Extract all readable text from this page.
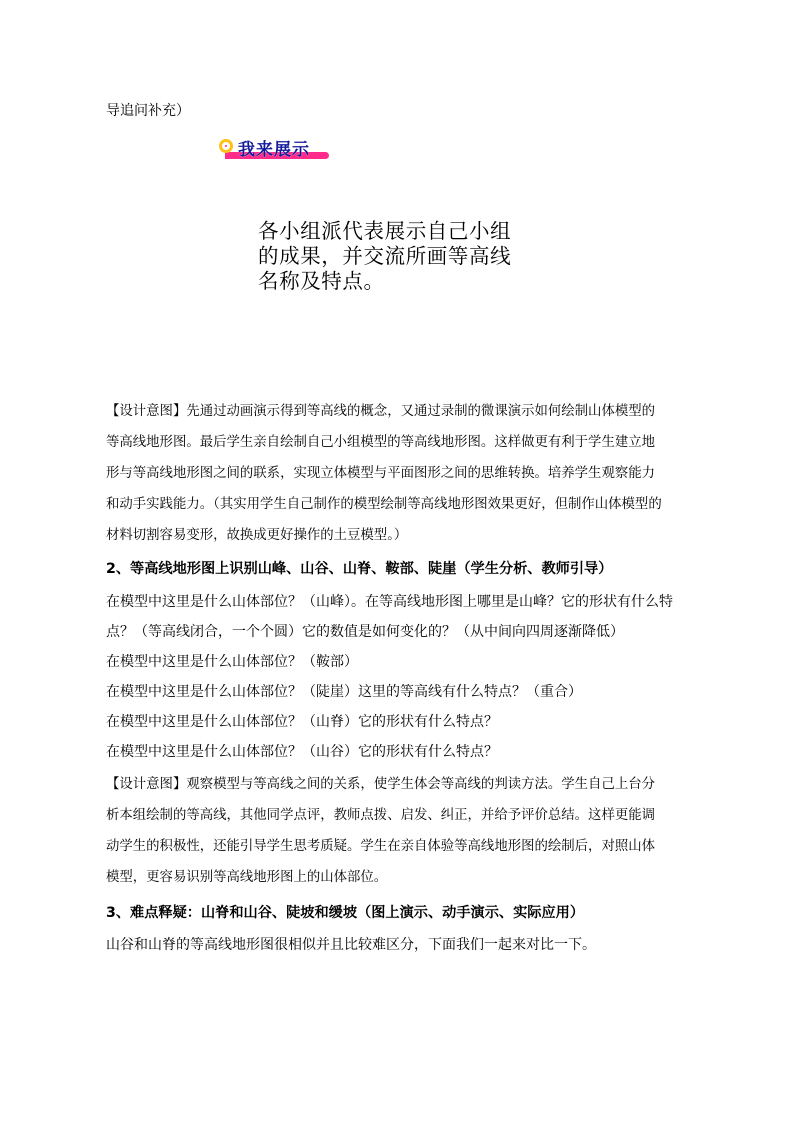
导追问补充）
我来展示
各小组派代表展示自己小组
的成果，并交流所画等高线
名称及特点。
【设计意图】先通过动画演示得到等高线的概念，又通过录制的微课演示如何绘制山体模型的
等高线地形图。最后学生亲自绘制自己小组模型的等高线地形图。这样做更有利于学生建立地
形与等高线地形图之间的联系，实现立体模型与平面图形之间的思维转换。培养学生观察能力
和动手实践能力。（其实用学生自己制作的模型绘制等高线地形图效果更好，但制作山体模型的
材料切割容易变形，故换成更好操作的土豆模型。）
2、等高线地形图上识别山峰、山谷、山脊、鞍部、陡崖（学生分析、教师引导）
在模型中这里是什么山体部位？（山峰）。在等高线地形图上哪里是山峰？它的形状有什么特
点？（等高线闭合，一个个圆）它的数值是如何变化的？（从中间向四周逐渐降低）
在模型中这里是什么山体部位？（鞍部）
在模型中这里是什么山体部位？（陡崖）这里的等高线有什么特点？（重合）
在模型中这里是什么山体部位？（山脊）它的形状有什么特点？
在模型中这里是什么山体部位？（山谷）它的形状有什么特点？
【设计意图】观察模型与等高线之间的关系，使学生体会等高线的判读方法。学生自己上台分
析本组绘制的等高线，其他同学点评，教师点拨、启发、纠正，并给予评价总结。这样更能调
动学生的积极性，还能引导学生思考质疑。学生在亲自体验等高线地形图的绘制后，对照山体
模型，更容易识别等高线地形图上的山体部位。
3、难点释疑：山脊和山谷、陡坡和缓坡（图上演示、动手演示、实际应用）
山谷和山脊的等高线地形图很相似并且比较难区分，下面我们一起来对比一下。
